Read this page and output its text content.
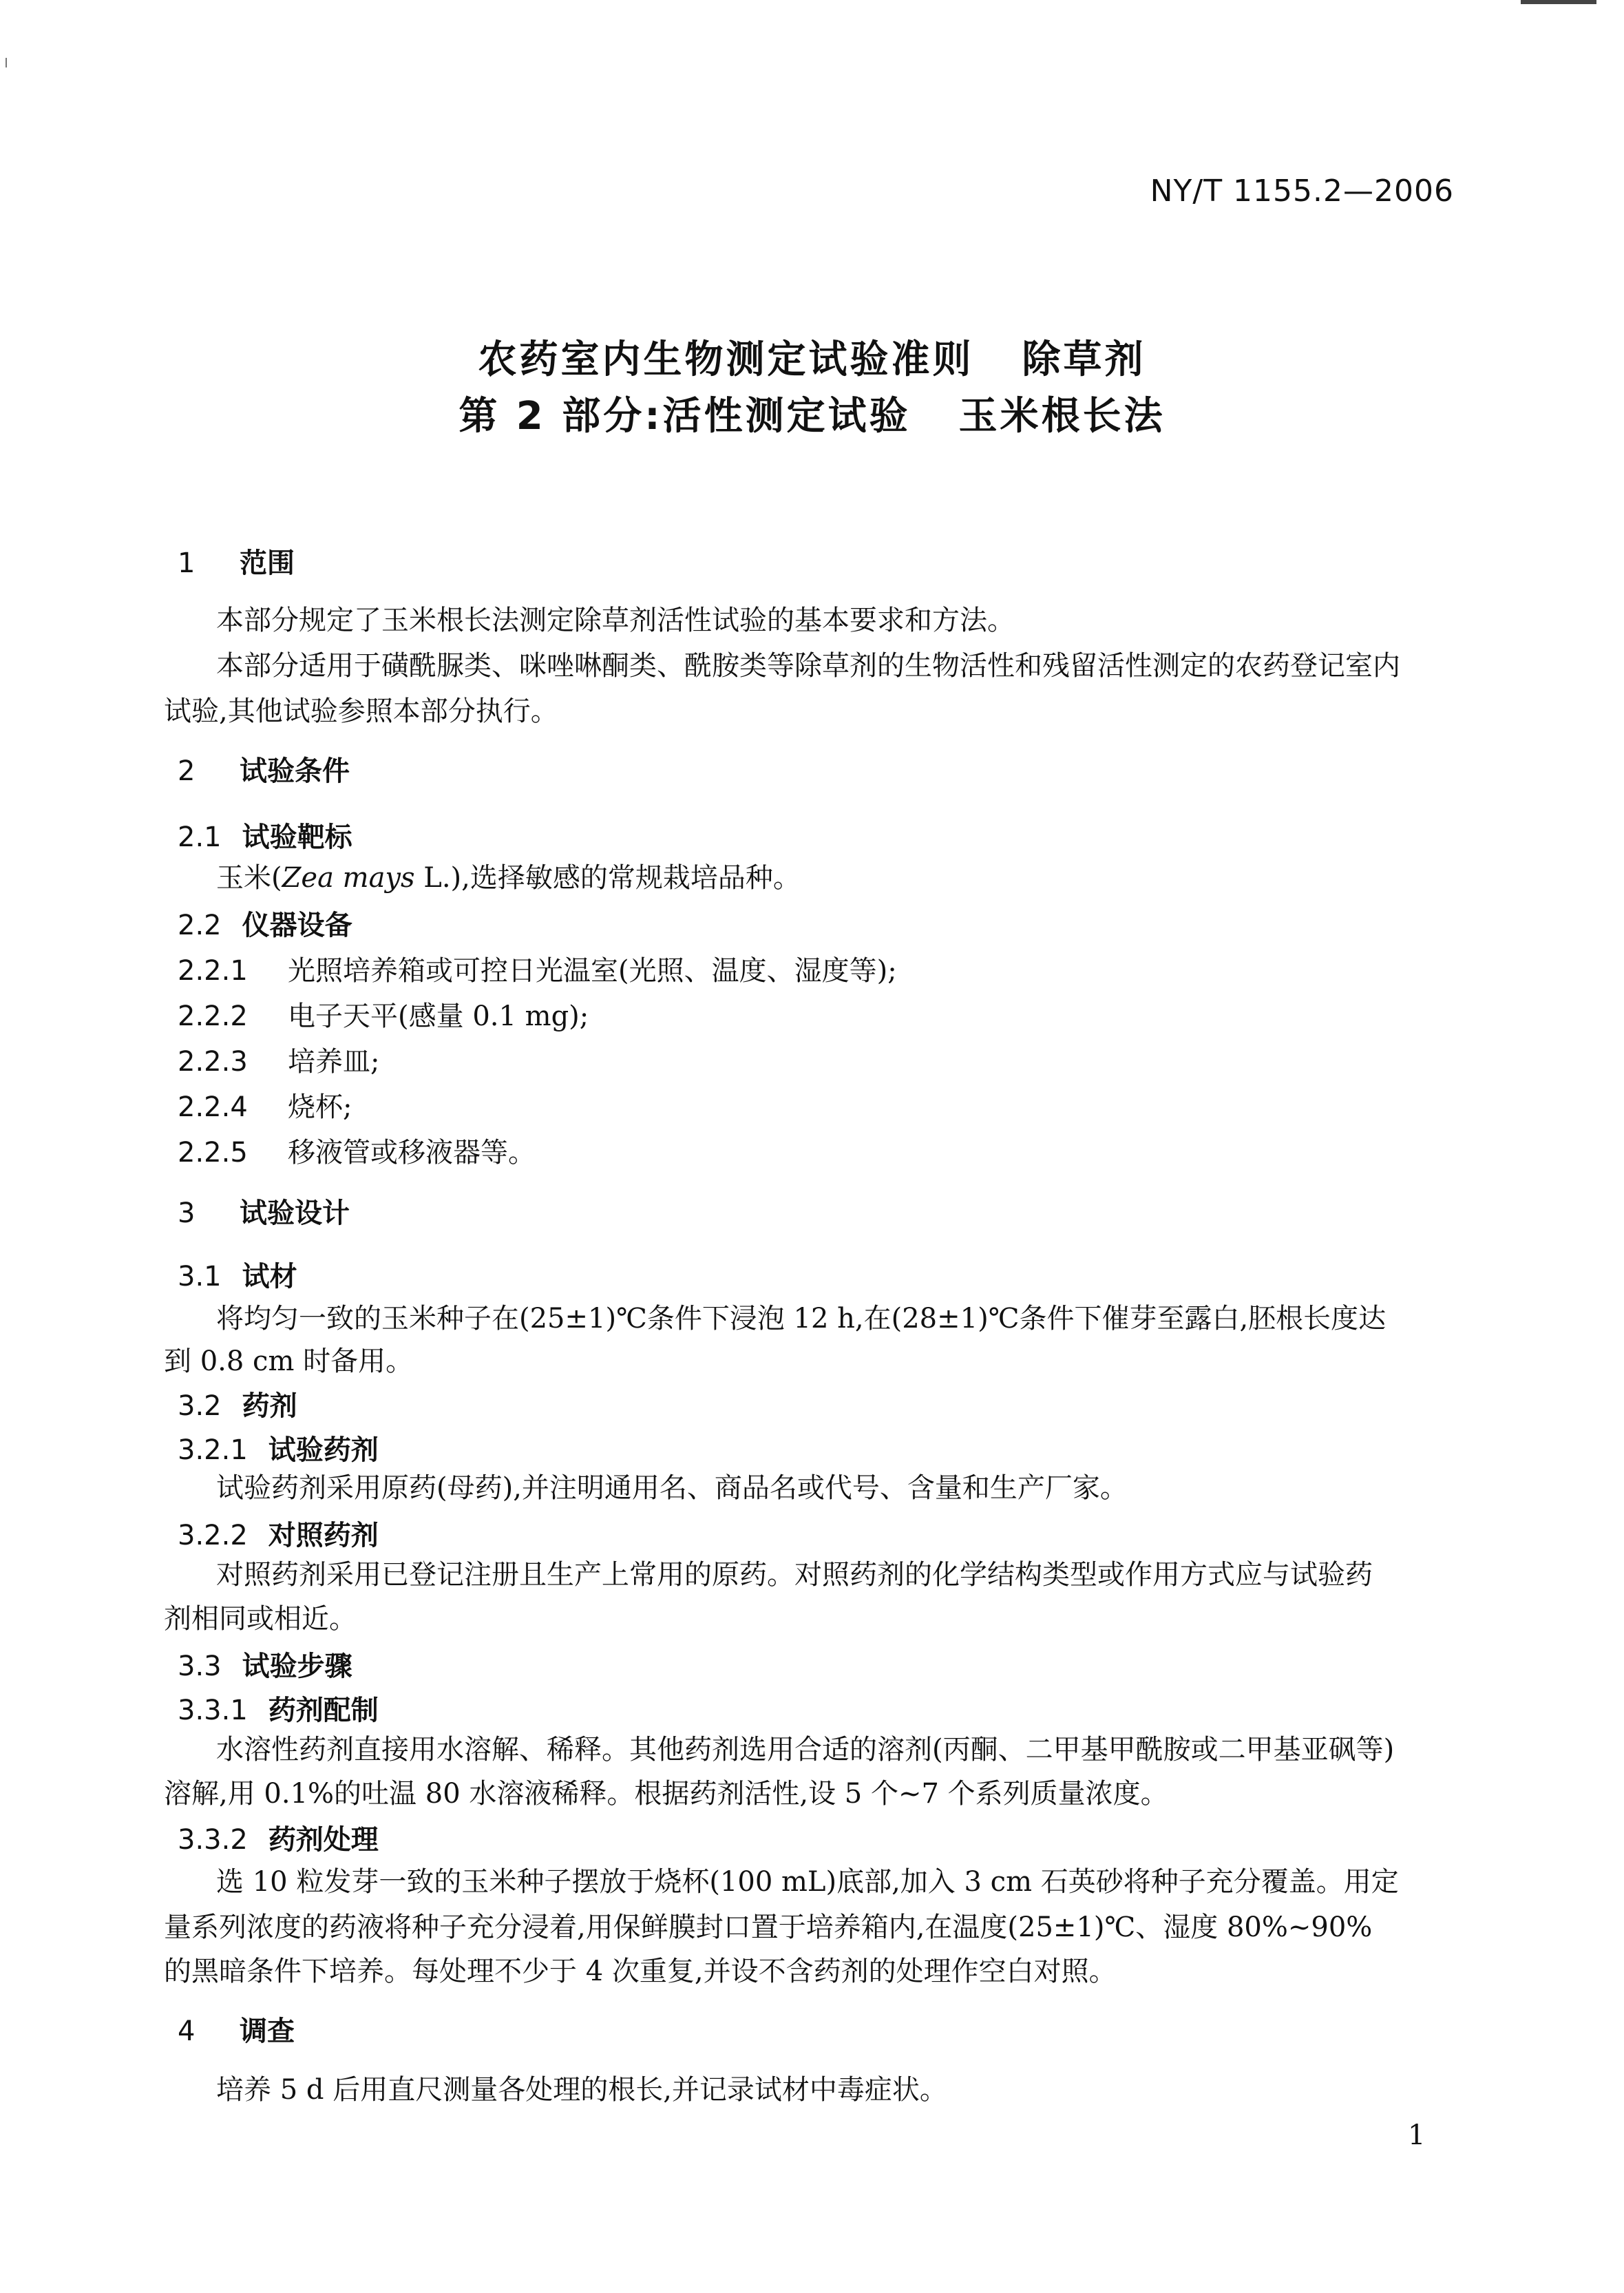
NY/T 1155.2—2006
农药室内生物测定试验准则 除草剂
第 2 部分:活性测定试验 玉米根长法
1 范围
本部分规定了玉米根长法测定除草剂活性试验的基本要求和方法。
本部分适用于磺酰脲类、咪唑啉酮类、酰胺类等除草剂的生物活性和残留活性测定的农药登记室内
试验,其他试验参照本部分执行。
2 试验条件
2.1 试验靶标
玉米(Zea mays L.),选择敏感的常规栽培品种。
2.2 仪器设备
2.2.1 光照培养箱或可控日光温室(光照、温度、湿度等);
2.2.2 电子天平(感量 0.1 mg);
2.2.3 培养皿;
2.2.4 烧杯;
2.2.5 移液管或移液器等。
3 试验设计
3.1 试材
将均匀一致的玉米种子在(25±1)℃条件下浸泡 12 h,在(28±1)℃条件下催芽至露白,胚根长度达
到 0.8 cm 时备用。
3.2 药剂
3.2.1 试验药剂
试验药剂采用原药(母药),并注明通用名、商品名或代号、含量和生产厂家。
3.2.2 对照药剂
对照药剂采用已登记注册且生产上常用的原药。对照药剂的化学结构类型或作用方式应与试验药
剂相同或相近。
3.3 试验步骤
3.3.1 药剂配制
水溶性药剂直接用水溶解、稀释。其他药剂选用合适的溶剂(丙酮、二甲基甲酰胺或二甲基亚砜等)
溶解,用 0.1%的吐温 80 水溶液稀释。根据药剂活性,设 5 个~7 个系列质量浓度。
3.3.2 药剂处理
选 10 粒发芽一致的玉米种子摆放于烧杯(100 mL)底部,加入 3 cm 石英砂将种子充分覆盖。用定
量系列浓度的药液将种子充分浸着,用保鲜膜封口置于培养箱内,在温度(25±1)℃、湿度 80%~90%
的黑暗条件下培养。每处理不少于 4 次重复,并设不含药剂的处理作空白对照。
4 调查
培养 5 d 后用直尺测量各处理的根长,并记录试材中毒症状。
1
